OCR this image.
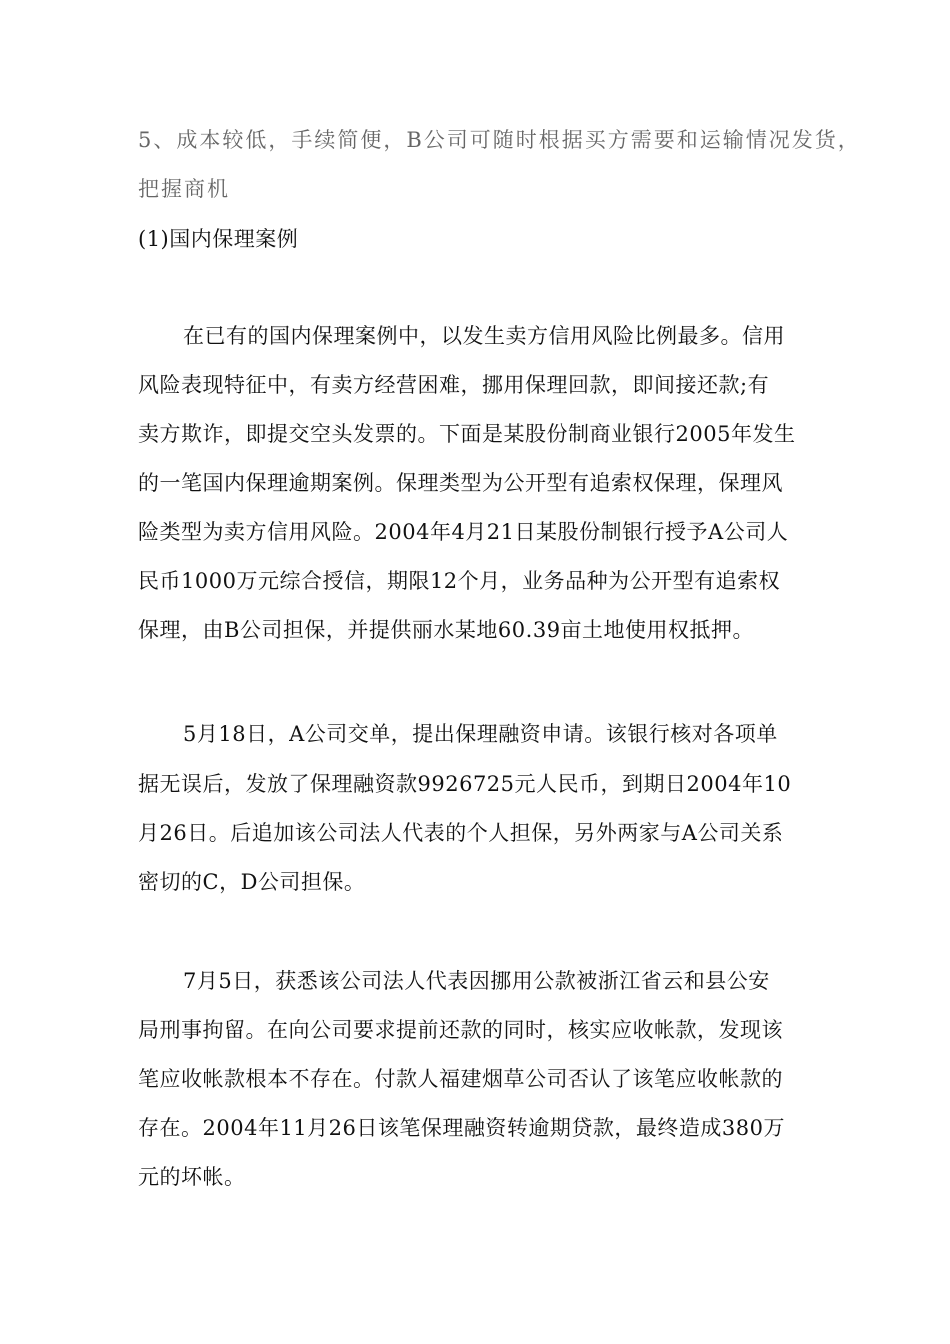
5、成本较低，手续简便，B公司可随时根据买方需要和运输情况发货，
把握商机
(1)国内保理案例
在已有的国内保理案例中，以发生卖方信用风险比例最多。信用
风险表现特征中，有卖方经营困难，挪用保理回款，即间接还款;有
卖方欺诈，即提交空头发票的。下面是某股份制商业银行2005年发生
的一笔国内保理逾期案例。保理类型为公开型有追索权保理，保理风
险类型为卖方信用风险。2004年4月21日某股份制银行授予A公司人
民币1000万元综合授信，期限12个月，业务品种为公开型有追索权
保理，由B公司担保，并提供丽水某地60.39亩土地使用权抵押。
5月18日，A公司交单，提出保理融资申请。该银行核对各项单
据无误后，发放了保理融资款9926725元人民币，到期日2004年10
月26日。后追加该公司法人代表的个人担保，另外两家与A公司关系
密切的C，D公司担保。
7月5日，获悉该公司法人代表因挪用公款被浙江省云和县公安
局刑事拘留。在向公司要求提前还款的同时，核实应收帐款，发现该
笔应收帐款根本不存在。付款人福建烟草公司否认了该笔应收帐款的
存在。2004年11月26日该笔保理融资转逾期贷款，最终造成380万
元的坏帐。
